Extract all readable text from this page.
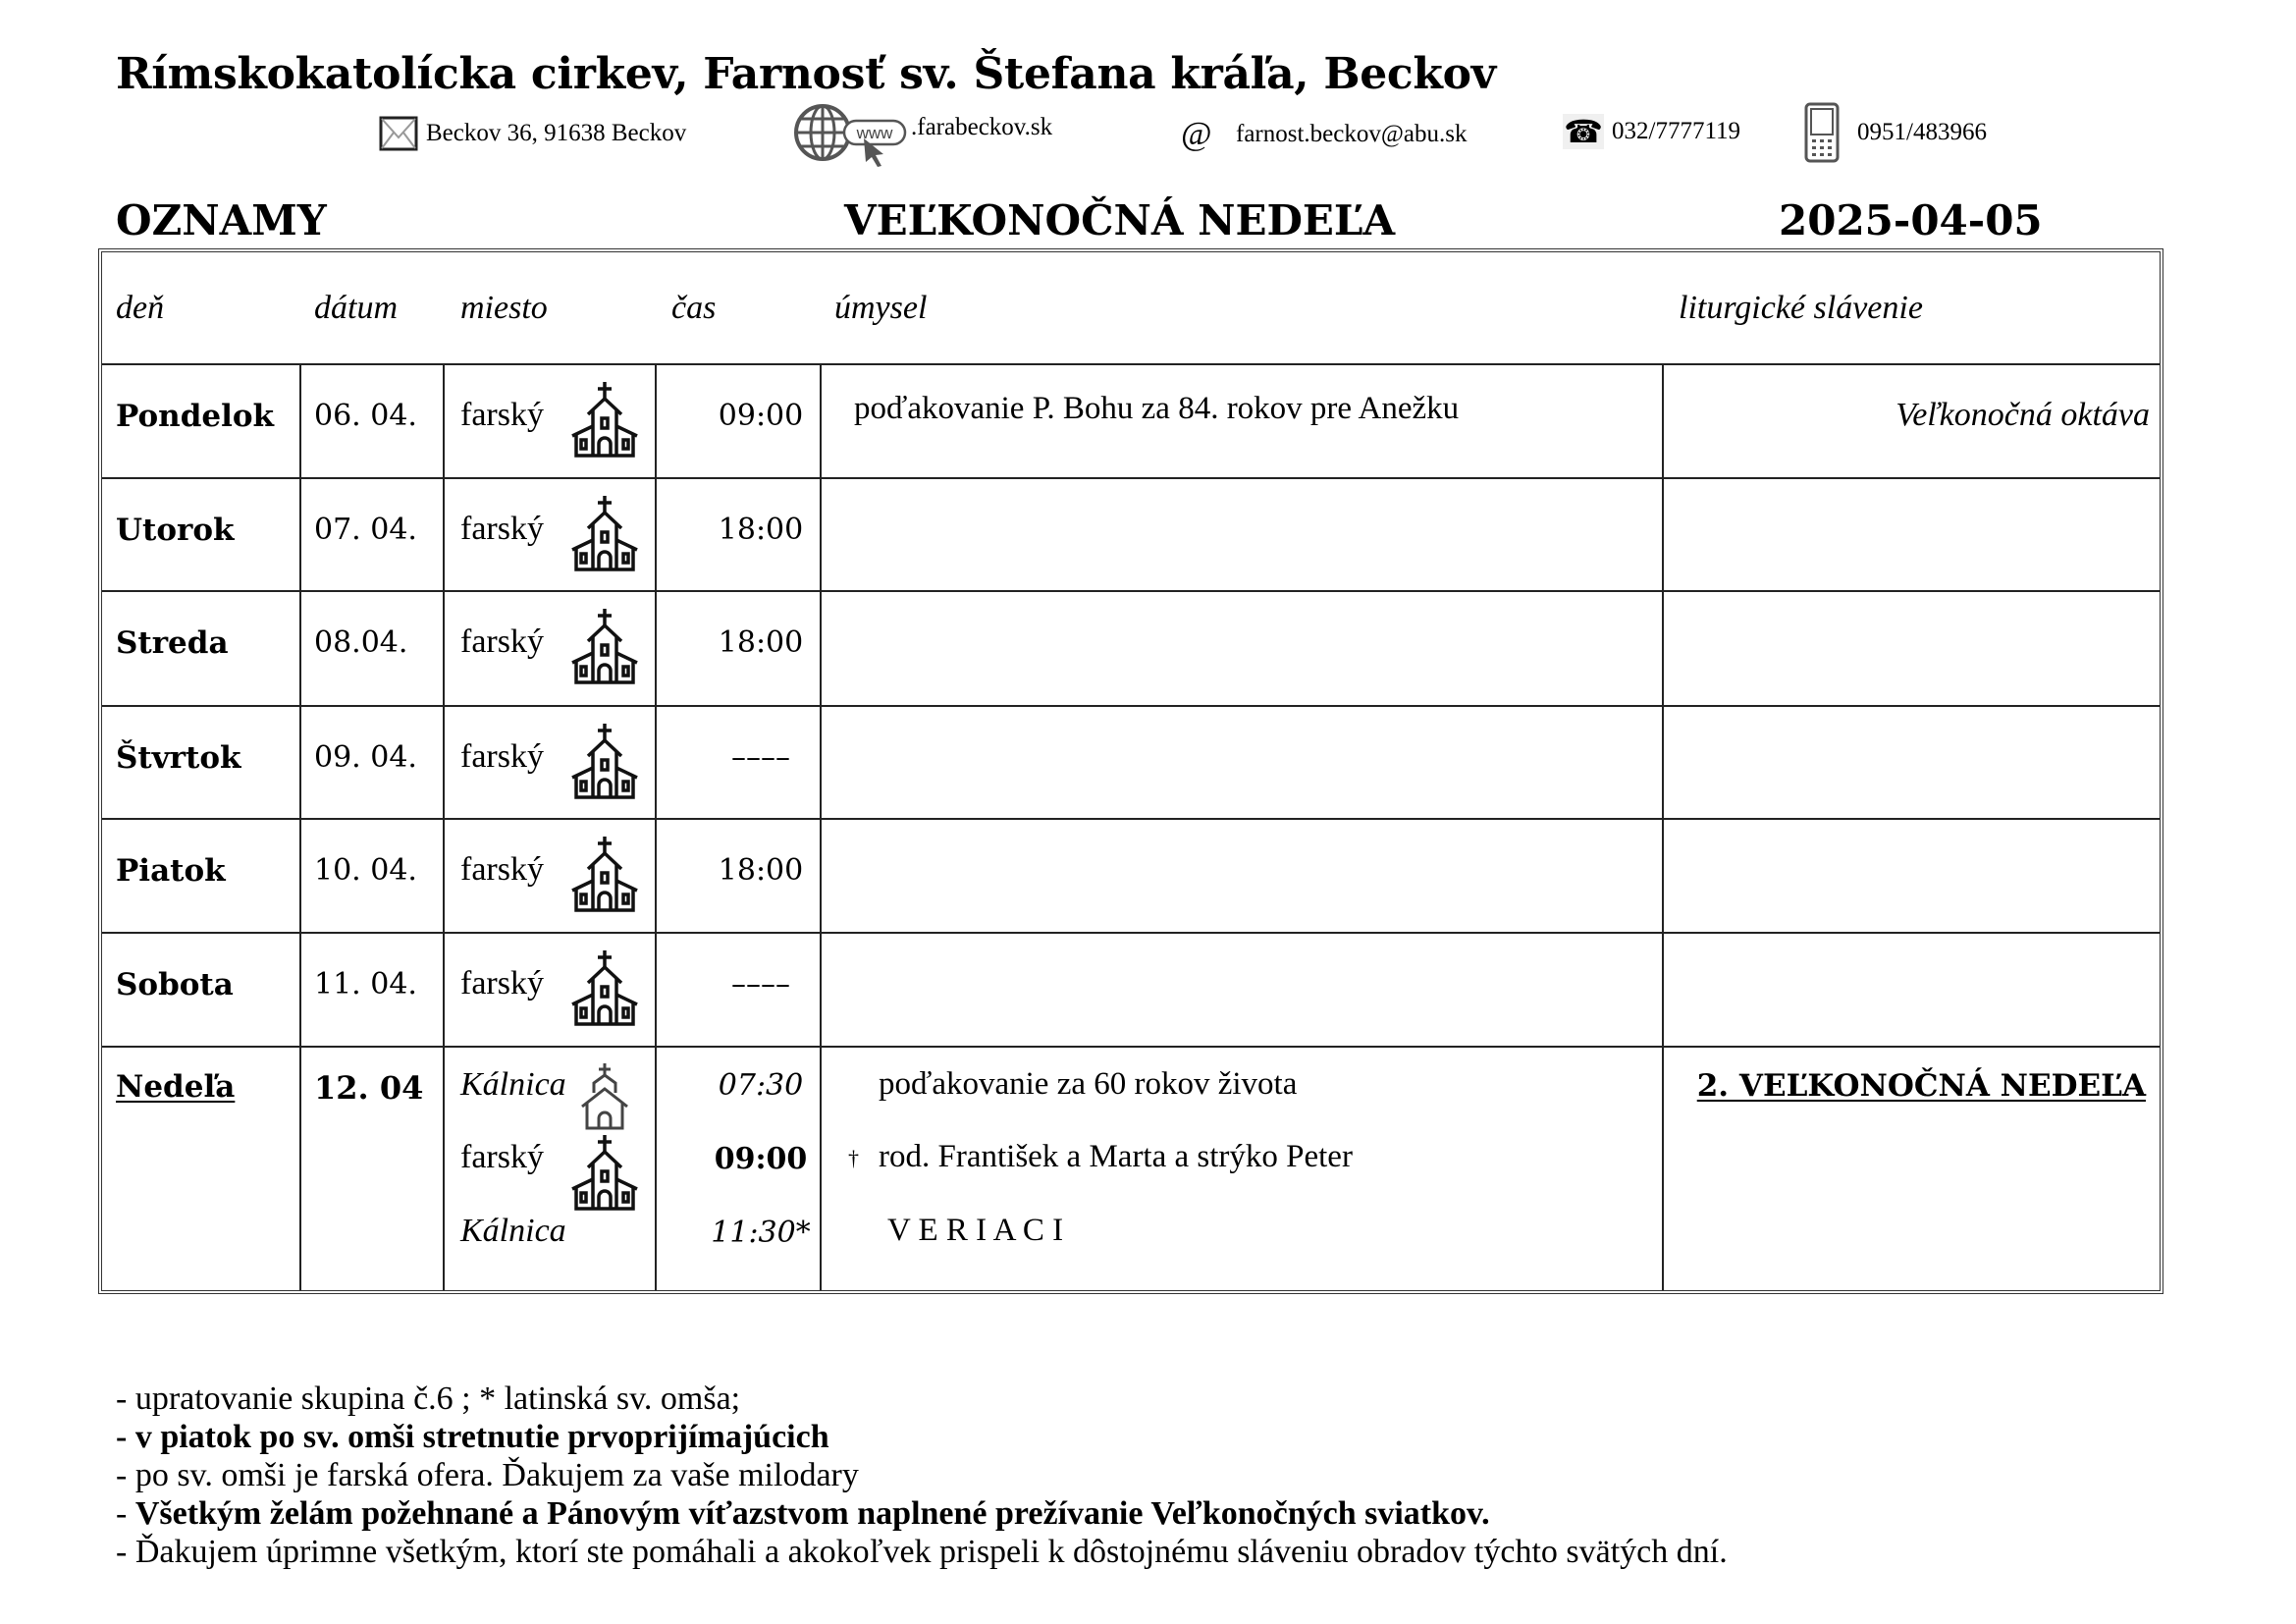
Rímskokatolícka cirkev, Farnosť sv. Štefana kráľa, Beckov
Beckov 36, 91638 Beckov	www .farabeckov.sk	@ farnost.beckov@abu.sk	☎ 032/7777119	0951/483966
OZNAMY	VEĽKONOČNÁ NEDEĽA	2025-04-05
deň	dátum miesto	čas	úmysel	liturgické slávenie
Pondelok 06. 04. farský	09:00	poďakovanie P. Bohu za 84. rokov pre Anežku	Veľkonočná oktáva
Utorok	07. 04. farský	18:00
Streda	08.04. farský	18:00
Štvrtok 09. 04. farský	––––
Piatok	10. 04. farský	18:00
Sobota	11. 04. farský	––––
Nedeľa	12. 04 Kálnica	07:30	poďakovanie za 60 rokov života
farský	09:00	† rod. František a Marta a strýko Peter
Kálnica	11:30*	V E R I A C I
2. VEĽKONOČNÁ NEDEĽA
- upratovanie skupina č.6 ; * latinská sv. omša;
- v piatok po sv. omši stretnutie prvoprijímajúcich
- po sv. omši je farská ofera. Ďakujem za vaše milodary
- Všetkým želám požehnané a Pánovým víťazstvom naplnené prežívanie Veľkonočných sviatkov.
- Ďakujem úprimne všetkým, ktorí ste pomáhali a akokoľvek prispeli k dôstojnému sláveniu obradov týchto svätých dní.
